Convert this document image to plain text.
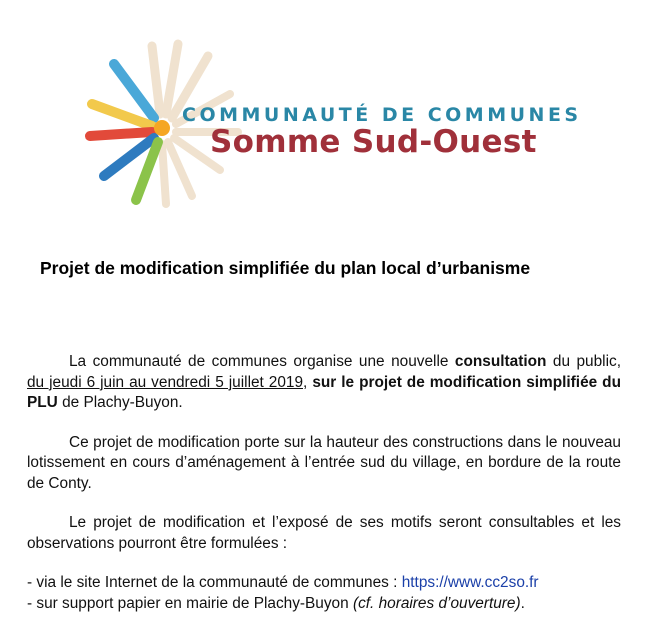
COMMUNAUTÉ DE COMMUNES
Somme Sud-Ouest
Projet de modification simplifiée du plan local d’urbanisme

La communauté de communes organise une nouvelle consultation du public, du jeudi 6 juin au vendredi 5 juillet 2019, sur le projet de modification simplifiée du PLU de Plachy-Buyon.

Ce projet de modification porte sur la hauteur des constructions dans le nouveau lotissement en cours d’aménagement à l’entrée sud du village, en bordure de la route de Conty.

Le projet de modification et l’exposé de ses motifs seront consultables et les observations pourront être formulées :

- via le site Internet de la communauté de communes : https://www.cc2so.fr
- sur support papier en mairie de Plachy-Buyon (cf. horaires d’ouverture).
